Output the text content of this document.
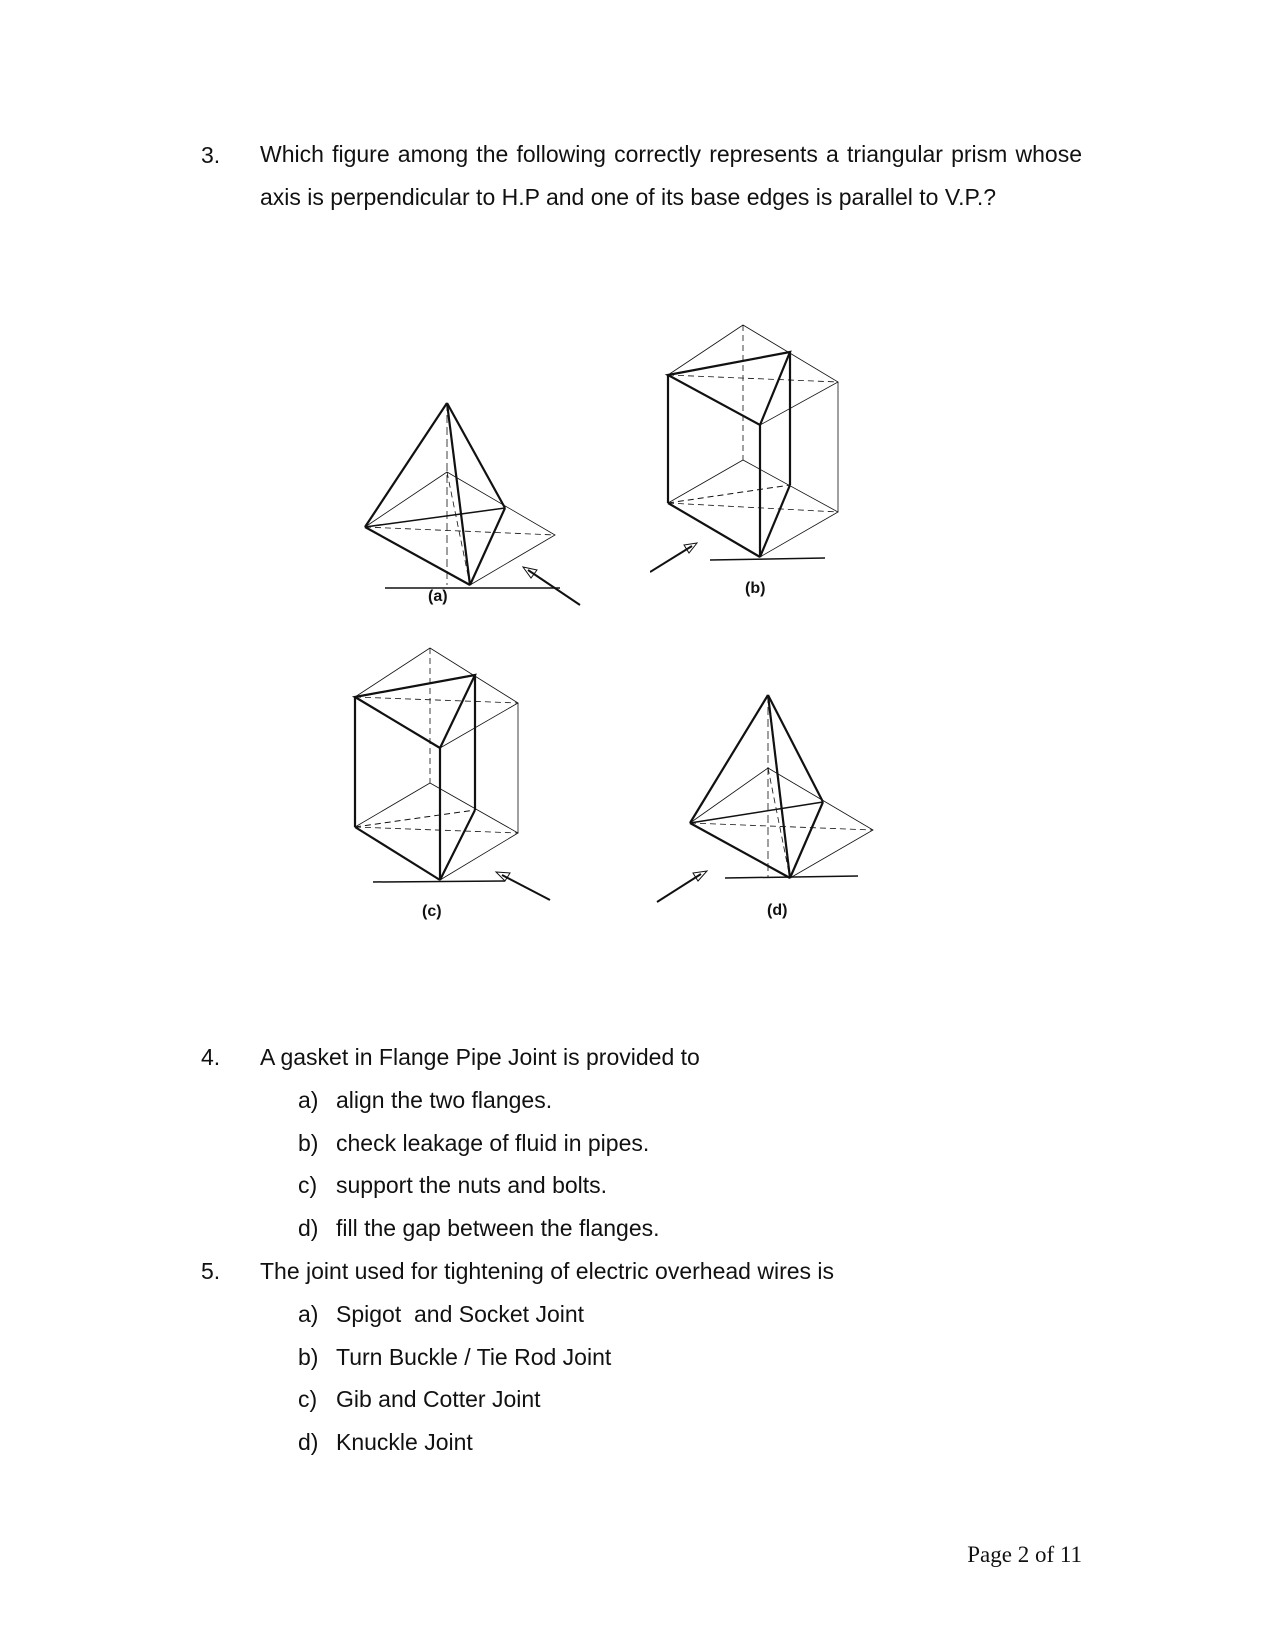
3. Which figure among the following correctly represents a triangular prism whose axis is perpendicular to H.P and one of its base edges is parallel to V.P.?
(a)	(b)
(c)	(d)
4. A gasket in Flange Pipe Joint is provided to
a) align the two flanges.
b) check leakage of fluid in pipes.
c) support the nuts and bolts.
d) fill the gap between the flanges.
5. The joint used for tightening of electric overhead wires is
a) Spigot  and Socket Joint
b) Turn Buckle / Tie Rod Joint
c) Gib and Cotter Joint
d) Knuckle Joint
Page 2 of 11
